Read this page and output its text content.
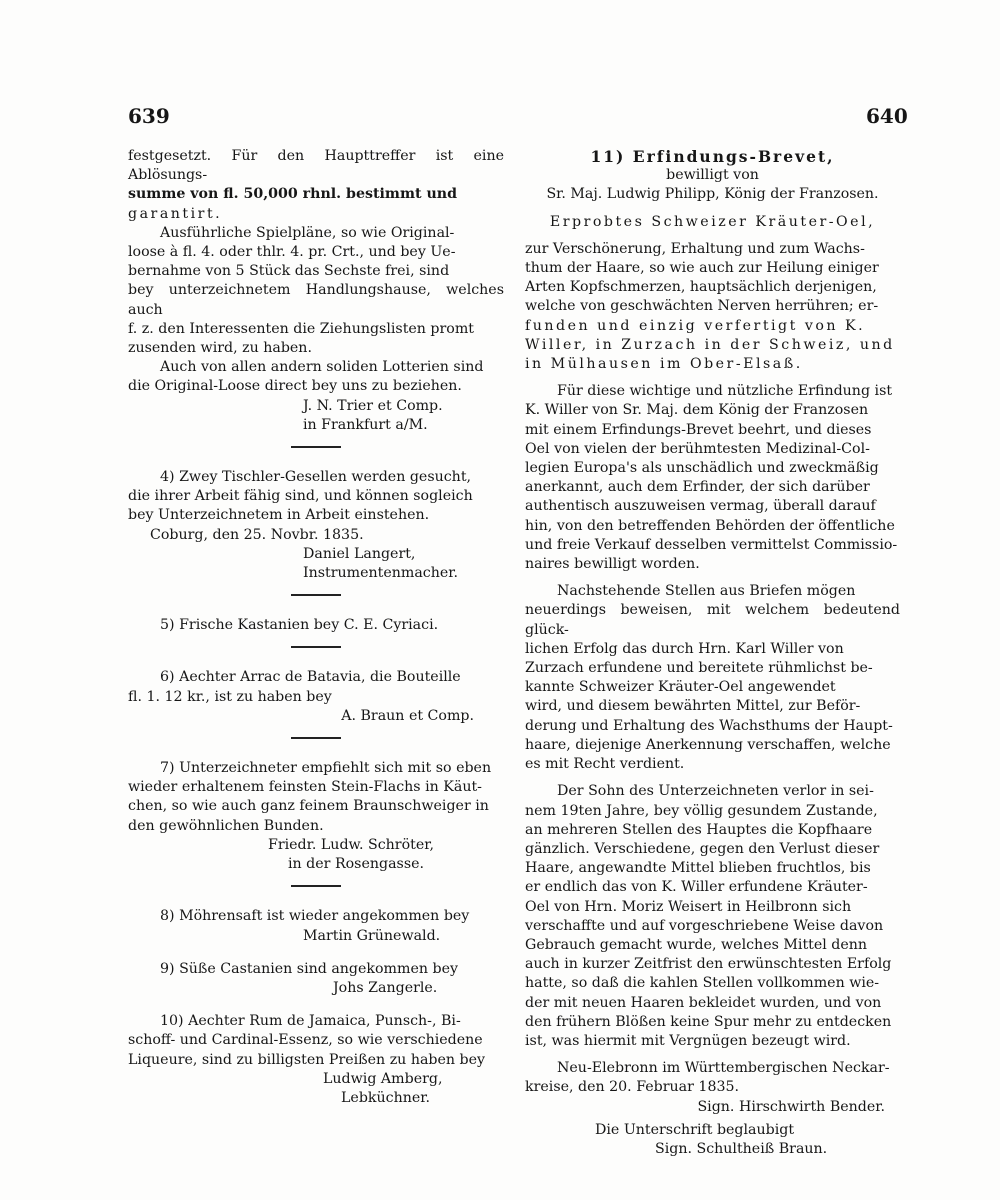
639	640

festgesetzt. Für den Haupttreffer ist eine Ablösungs-

summe von fl. 50,000 rhnl. bestimmt und

garantirt.

Ausführliche Spielpläne, so wie Original-

loose à fl. 4. oder thlr. 4. pr. Crt., und bey Ue-

bernahme von 5 Stück das Sechste frei, sind

bey unterzeichnetem Handlungshause, welches auch

f. z. den Interessenten die Ziehungslisten promt

zusenden wird, zu haben.

Auch von allen andern soliden Lotterien sind

die Original-Loose direct bey uns zu beziehen.

J. N. Trier et Comp.

in Frankfurt a/M.

4) Zwey Tischler-Gesellen werden gesucht,

die ihrer Arbeit fähig sind, und können sogleich

bey Unterzeichnetem in Arbeit einstehen.

Coburg, den 25. Novbr. 1835.

Daniel Langert,

Instrumentenmacher.

5) Frische Kastanien bey C. E. Cyriaci.

6) Aechter Arrac de Batavia, die Bouteille

fl. 1. 12 kr., ist zu haben bey

A. Braun et Comp.

7) Unterzeichneter empfiehlt sich mit so eben

wieder erhaltenem feinsten Stein-Flachs in Käut-

chen, so wie auch ganz feinem Braunschweiger in

den gewöhnlichen Bunden.

Friedr. Ludw. Schröter,

in der Rosengasse.

8) Möhrensaft ist wieder angekommen bey

Martin Grünewald.

9) Süße Castanien sind angekommen bey

Johs Zangerle.

10) Aechter Rum de Jamaica, Punsch-, Bi-

schoff- und Cardinal-Essenz, so wie verschiedene

Liqueure, sind zu billigsten Preißen zu haben bey

Ludwig Amberg,

Lebküchner.

11) Erfindungs-Brevet,

bewilligt von

Sr. Maj. Ludwig Philipp, König der Franzosen.

Erprobtes Schweizer Kräuter-Oel,

zur Verschönerung, Erhaltung und zum Wachs-

thum der Haare, so wie auch zur Heilung einiger

Arten Kopfschmerzen, hauptsächlich derjenigen,

welche von geschwächten Nerven herrühren; er-

funden und einzig verfertigt von K.

Willer, in Zurzach in der Schweiz, und

in Mülhausen im Ober-Elsaß.

Für diese wichtige und nützliche Erfindung ist

K. Willer von Sr. Maj. dem König der Franzosen

mit einem Erfindungs-Brevet beehrt, und dieses

Oel von vielen der berühmtesten Medizinal-Col-

legien Europa's als unschädlich und zweckmäßig

anerkannt, auch dem Erfinder, der sich darüber

authentisch auszuweisen vermag, überall darauf

hin, von den betreffenden Behörden der öffentliche

und freie Verkauf desselben vermittelst Commissio-

naires bewilligt worden.

Nachstehende Stellen aus Briefen mögen

neuerdings beweisen, mit welchem bedeutend glück-

lichen Erfolg das durch Hrn. Karl Willer von

Zurzach erfundene und bereitete rühmlichst be-

kannte Schweizer Kräuter-Oel angewendet

wird, und diesem bewährten Mittel, zur Beför-

derung und Erhaltung des Wachsthums der Haupt-

haare, diejenige Anerkennung verschaffen, welche

es mit Recht verdient.

Der Sohn des Unterzeichneten verlor in sei-

nem 19ten Jahre, bey völlig gesundem Zustande,

an mehreren Stellen des Hauptes die Kopfhaare

gänzlich. Verschiedene, gegen den Verlust dieser

Haare, angewandte Mittel blieben fruchtlos, bis

er endlich das von K. Willer erfundene Kräuter-

Oel von Hrn. Moriz Weisert in Heilbronn sich

verschaffte und auf vorgeschriebene Weise davon

Gebrauch gemacht wurde, welches Mittel denn

auch in kurzer Zeitfrist den erwünschtesten Erfolg

hatte, so daß die kahlen Stellen vollkommen wie-

der mit neuen Haaren bekleidet wurden, und von

den frühern Blößen keine Spur mehr zu entdecken

ist, was hiermit mit Vergnügen bezeugt wird.

Neu-Elebronn im Württembergischen Neckar-

kreise, den 20. Februar 1835.

Sign. Hirschwirth Bender.

Die Unterschrift beglaubigt

Sign. Schultheiß Braun.
